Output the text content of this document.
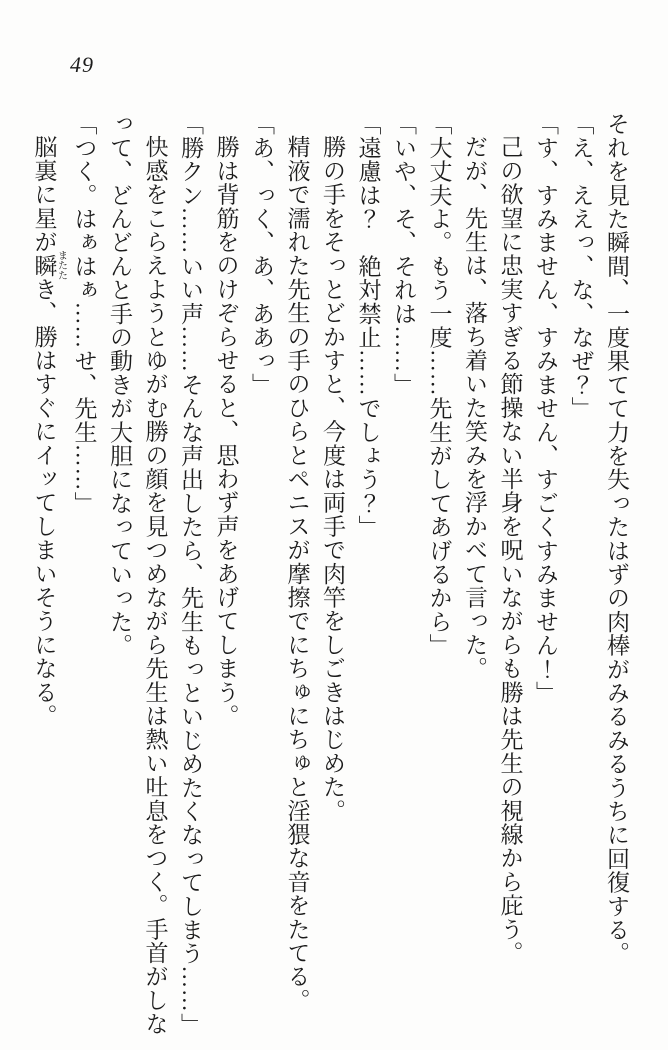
49

それを見た瞬間、一度果てて力を失ったはずの肉棒がみるみるうちに回復する。

「え、ええっ、な、なぜ？」

「す、すみません、すみません、すごくすみません！」

己の欲望に忠実すぎる節操ない半身を呪いながらも勝は先生の視線から庇う。

だが、先生は、落ち着いた笑みを浮かべて言った。

「大丈夫よ。もう一度……先生がしてあげるから」

「いや、そ、それは……」

「遠慮は？　絶対禁止……でしょう？」

勝の手をそっとどかすと、今度は両手で肉竿をしごきはじめた。

精液で濡れた先生の手のひらとペニスが摩擦でにちゅにちゅと淫猥な音をたてる。

「あ、っく、あ、ああっ」

勝は背筋をのけぞらせると、思わず声をあげてしまう。

「勝クン……いい声……そんな声出したら、先生もっといじめたくなってしまう……」

快感をこらえようとゆがむ勝の顔を見つめながら先生は熱い吐息をつく。手首がしなって、どんどんと手の動きが大胆になっていった。

「つく。はぁはぁ……せ、先生……」

脳裏に星が瞬 またたき、勝はすぐにイッてしまいそうになる。
